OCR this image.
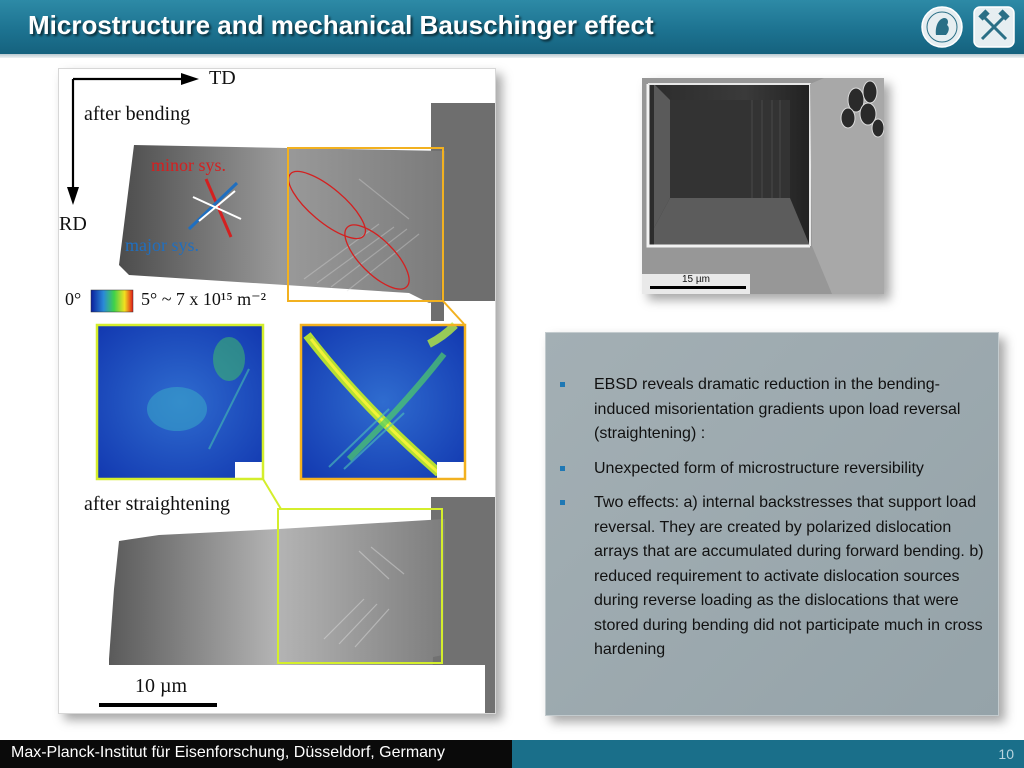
Microstructure and mechanical Bauschinger effect
TD
RD
after bending
minor sys.
major sys.
0°	5° ~ 7 x 10¹⁵ m⁻²
after straightening
10 µm
15 µm
EBSD reveals dramatic reduction in the bending-induced misorientation gradients upon load reversal (straightening) :
Unexpected form of microstructure reversibility
Two effects: a) internal backstresses that support load reversal. They are created by polarized dislocation arrays that are accumulated during forward bending. b) reduced requirement to activate dislocation sources during reverse loading as the dislocations that were stored during bending did not participate much in cross hardening
Max-Planck-Institut für Eisenforschung, Düsseldorf, Germany	10
